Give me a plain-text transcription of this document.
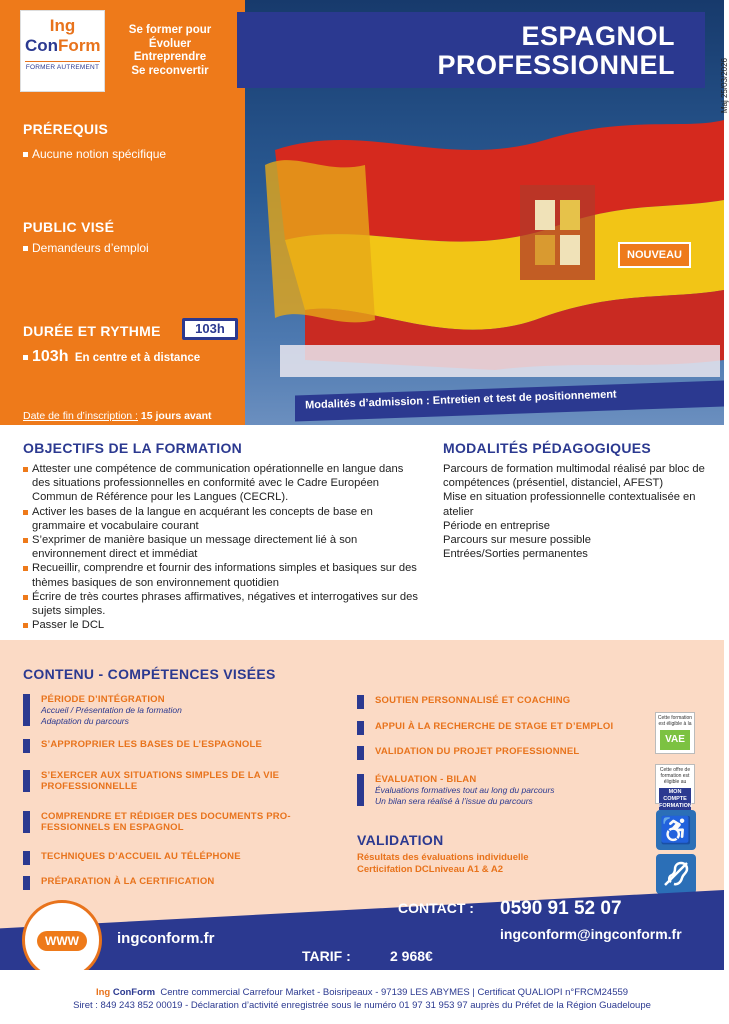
Ing
ConForm
FORMER AUTREMENT
Se former pour
Évoluer
Entreprendre
Se reconvertir
PRÉREQUIS
Aucune notion spécifique
PUBLIC VISÉ
Demandeurs d’emploi
DURÉE ET RYTHME	103h
103h En centre et à distance
Date de fin d’inscription : 15 jours avant
ESPAGNOL
PROFESSIONNEL	Maj 25/03/2026
NOUVEAU
Modalités d’admission : Entretien et test de positionnement
OBJECTIFS DE LA FORMATION
Attester une compétence de communication opérationnelle en langue dans des situations professionnelles en conformité avec le Cadre Européen Commun de Référence pour les Langues (CECRL).
Activer les bases de la langue en acquérant les concepts de base en grammaire et vocabulaire courant
S’exprimer de manière basique un message directement lié à son environnement direct et immédiat
Recueillir, comprendre et fournir des informations simples et basiques sur des thèmes basiques de son environnement quotidien
Écrire de très courtes phrases affirmatives, négatives et interrogatives sur des sujets simples.
Passer le DCL
MODALITÉS PÉDAGOGIQUES
Parcours de formation multimodal réalisé par bloc de compétences (présentiel, distanciel, AFEST)
Mise en situation professionnelle contextualisée en atelier
Période en entreprise
Parcours sur mesure possible
Entrées/Sorties permanentes
CONTENU - COMPÉTENCES VISÉES
PÉRIODE D’INTÉGRATION
Accueil / Présentation de la formation
Adaptation du parcours
S’APPROPRIER LES BASES DE L’ESPAGNOLE
S’EXERCER AUX SITUATIONS SIMPLES DE LA VIE
PROFESSIONNELLE
COMPRENDRE ET RÉDIGER DES DOCUMENTS PRO-
FESSIONNELS EN ESPAGNOL
TECHNIQUES D’ACCUEIL AU TÉLÉPHONE
PRÉPARATION À LA CERTIFICATION
SOUTIEN PERSONNALISÉ ET COACHING
APPUI À LA RECHERCHE DE STAGE ET D’EMPLOI
VALIDATION DU PROJET PROFESSIONNEL
ÉVALUATION - BILAN
Évaluations formatives tout au long du parcours
Un bilan sera réalisé à l’issue du parcours
VALIDATION
Résultats des évaluations individuelle
Certicifation DCLniveau A1 & A2
Cette formation est éligible à la
VAE
Cette offre de formation est éligible au
MON COMPTE FORMATION
♿
WWW	ingconform.fr
CONTACT : 0590 91 52 07
ingconform@ingconform.fr
TARIF :	2 968€
Ing ConForm Centre commercial Carrefour Market - Boisripeaux - 97139 LES ABYMES | Certificat QUALIOPI n°FRCM24559
Siret : 849 243 852 00019 - Déclaration d’activité enregistrée sous le numéro 01 97 31 953 97 auprès du Préfet de la Région Guadeloupe
